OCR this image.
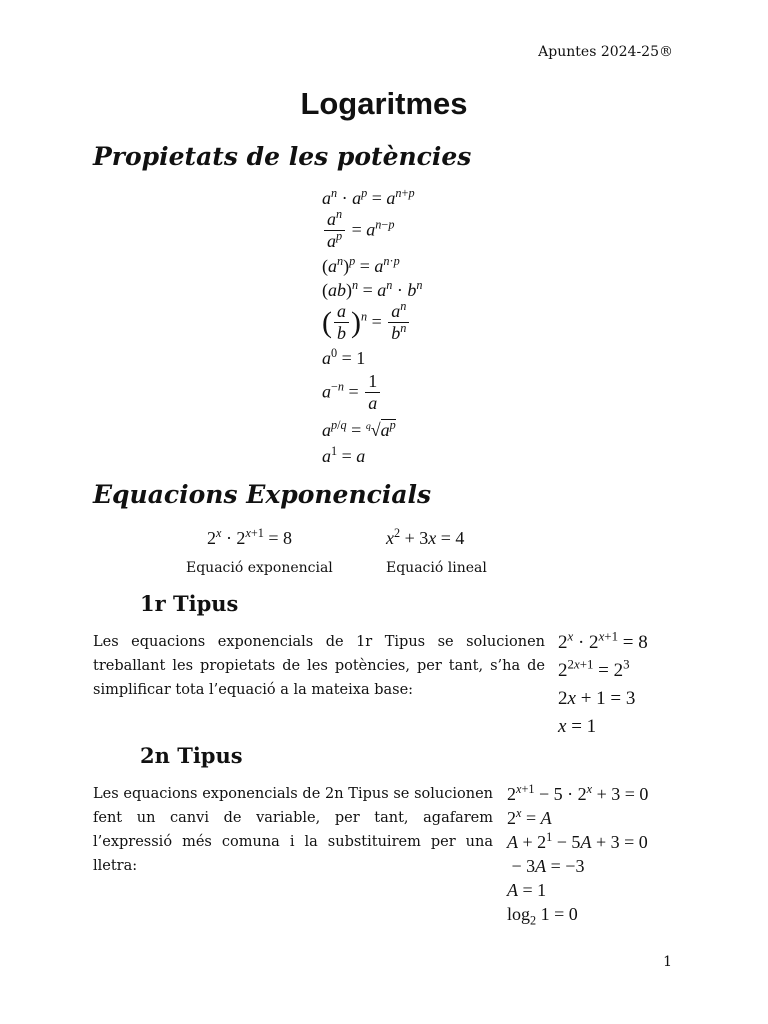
Apuntes 2024-25®
Logaritmes
Propietats de les potències
$a^n \cdot a^p = a^{n+p}$
$\frac{a^n}{a^p} = a^{n-p}$
$(a^n)^p = a^{n\cdot p}$
$(ab)^n = a^n \cdot b^n$
( $\frac{a}{b} )^n = \frac{a^n}{b^n}$
$a^0 = 1$
$a^{-n} = \frac{1}{a}$
$a^{p/q} = ^q√a^p$
$a^1 = a$
Equacions Exponencials
$2^x \cdot 2^{x+1} = 8$	$x^2 + 3x = 4$
Equació exponencial	Equació lineal
1r Tipus
Les equacions exponencials de 1r Tipus se solucionen treballant les propietats de les potències, per tant, s’ha de simplificar tota l’equació a la mateixa base:
$2^x \cdot 2^{x+1} = 8$
$2^{2x+1} = 2^3$
2x + 1 = 3
x = 1
2n Tipus
Les equacions exponencials de 2n Tipus se solucionen fent un canvi de variable, per tant, agafarem l’expressió més comuna i la substituirem per una lletra:
$2^{x+1} - 5 \cdot 2^x + 3 = 0$
$2^x = A$
$A + 2^1 - 5A + 3 = 0$
− 3A = −3
A = 1
$\log_2 1 = 0$
1
